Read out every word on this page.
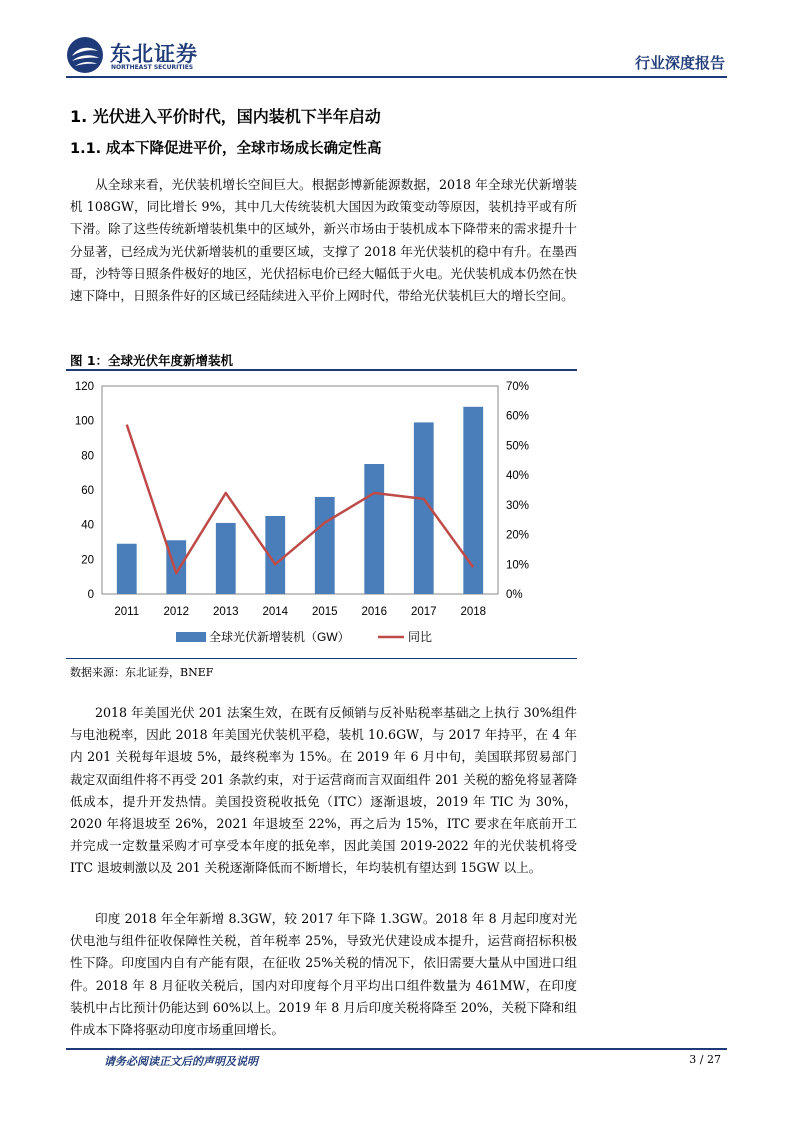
东北证券
NORTHEAST SECURITIES	行业深度报告
1. 光伏进入平价时代，国内装机下半年启动
1.1. 成本下降促进平价，全球市场成长确定性高
从全球来看，光伏装机增长空间巨大。根据彭博新能源数据，2018 年全球光伏新增装机 108GW，同比增长 9%，其中几大传统装机大国因为政策变动等原因，装机持平或有所下滑。除了这些传统新增装机集中的区域外，新兴市场由于装机成本下降带来的需求提升十分显著，已经成为光伏新增装机的重要区域，支撑了 2018 年光伏装机的稳中有升。在墨西哥，沙特等日照条件极好的地区，光伏招标电价已经大幅低于火电。光伏装机成本仍然在快速下降中，日照条件好的区域已经陆续进入平价上网时代，带给光伏装机巨大的增长空间。
图 1：全球光伏年度新增装机
0
20
40
60
80
100
120
0%
10%
20%
30%
40%
50%
60%
70%
2011 2012 2013 2014 2015 2016 2017 2018
全球光伏新增装机（GW）	同比
数据来源：东北证券，BNEF
2018 年美国光伏 201 法案生效，在既有反倾销与反补贴税率基础之上执行 30%组件与电池税率，因此 2018 年美国光伏装机平稳，装机 10.6GW，与 2017 年持平，在 4 年内 201 关税每年退坡 5%，最终税率为 15%。在 2019 年 6 月中旬，美国联邦贸易部门裁定双面组件将不再受 201 条款约束，对于运营商而言双面组件 201 关税的豁免将显著降低成本，提升开发热情。美国投资税收抵免（ITC）逐渐退坡，2019 年 TIC 为 30%，2020 年将退坡至 26%，2021 年退坡至 22%，再之后为 15%，ITC 要求在年底前开工并完成一定数量采购才可享受本年度的抵免率，因此美国 2019-2022 年的光伏装机将受 ITC 退坡刺激以及 201 关税逐渐降低而不断增长，年均装机有望达到 15GW 以上。
印度 2018 年全年新增 8.3GW，较 2017 年下降 1.3GW。2018 年 8 月起印度对光伏电池与组件征收保障性关税，首年税率 25%，导致光伏建设成本提升，运营商招标积极性下降。印度国内自有产能有限，在征收 25%关税的情况下，依旧需要大量从中国进口组件。2018 年 8 月征收关税后，国内对印度每个月平均出口组件数量为 461MW，在印度装机中占比预计仍能达到 60%以上。2019 年 8 月后印度关税将降至 20%，关税下降和组件成本下降将驱动印度市场重回增长。
请务必阅读正文后的声明及说明	3 / 27
